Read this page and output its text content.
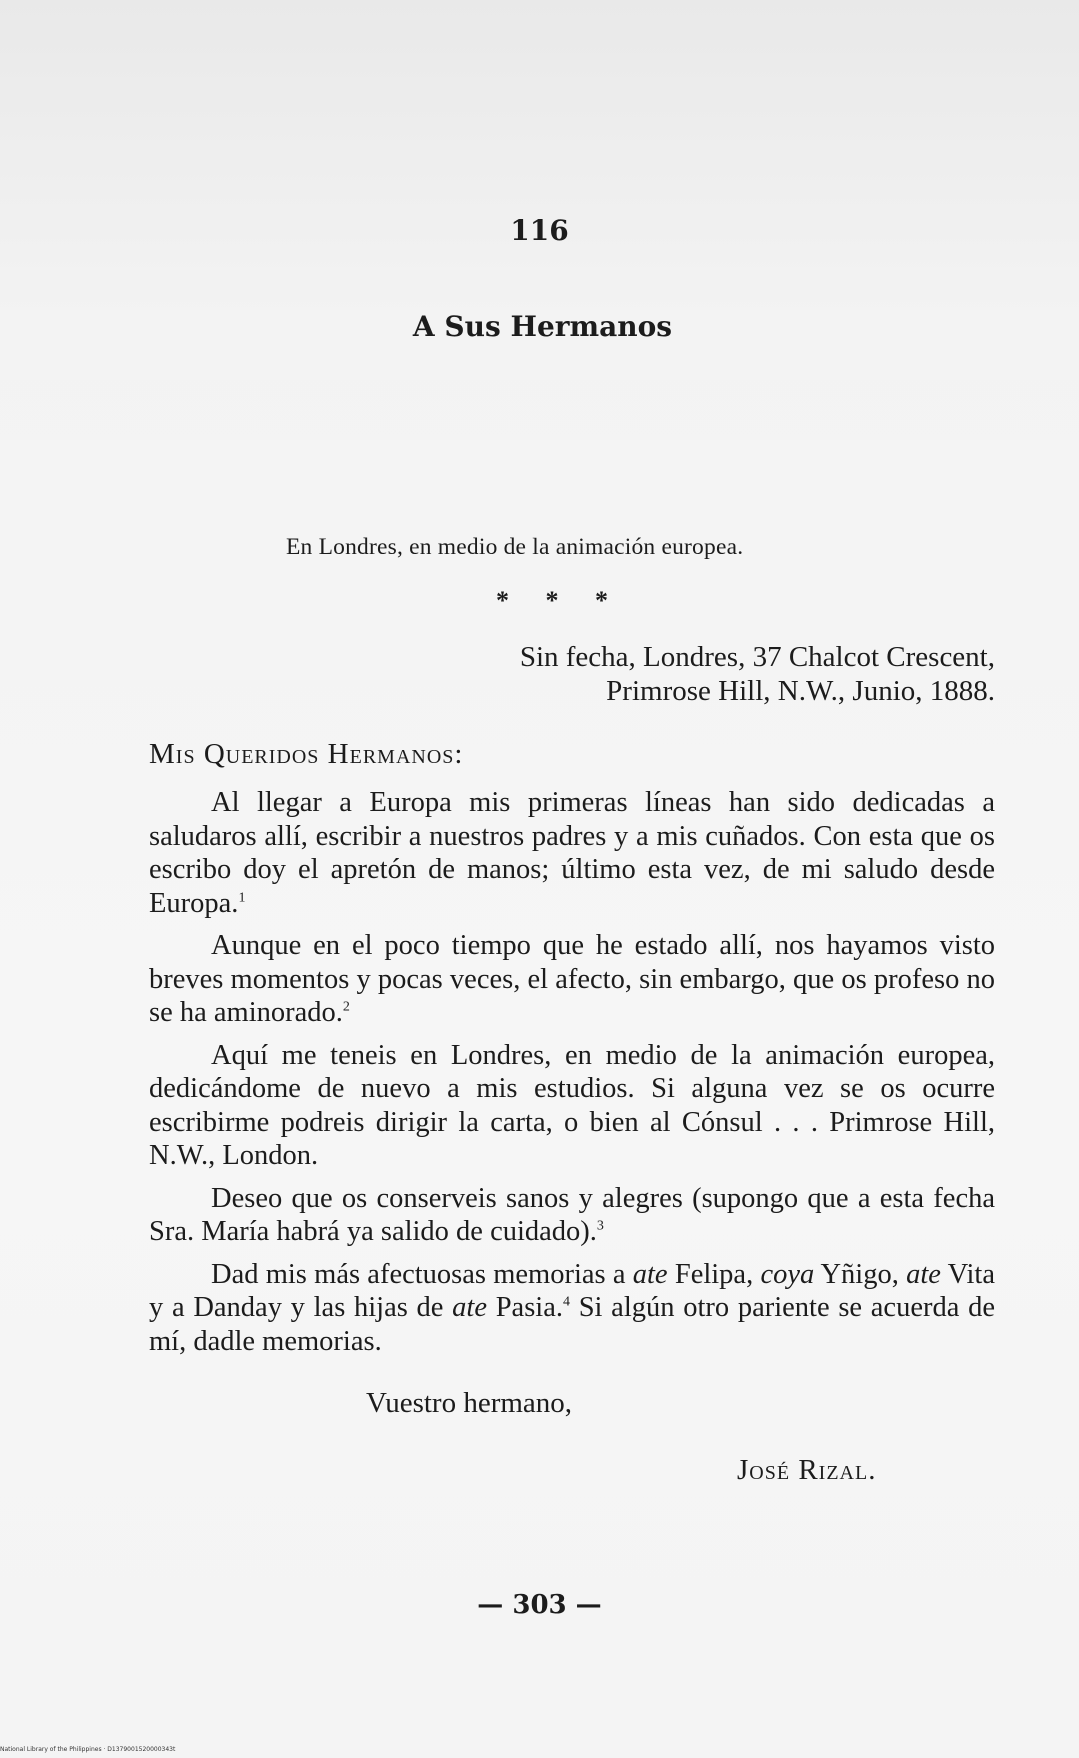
116
A Sus Hermanos
En Londres, en medio de la animación europea.
* * *
Sin fecha, Londres, 37 Chalcot Crescent,
Primrose Hill, N.W., Junio, 1888.
Mis Queridos Hermanos:

Al llegar a Europa mis primeras líneas han sido dedicadas a saludaros allí, escribir a nuestros padres y a mis cuñados. Con esta que os escribo doy el apretón de manos; último esta vez, de mi saludo desde Europa.$^1$

Aunque en el poco tiempo que he estado allí, nos hayamos visto breves momentos y pocas veces, el afecto, sin embargo, que os profeso no se ha aminorado.$^2$

Aquí me teneis en Londres, en medio de la animación europea, dedicándome de nuevo a mis estudios. Si alguna vez se os ocurre escribirme podreis dirigir la carta, o bien al Cónsul . . . Primrose Hill, N.W., London.

Deseo que os conserveis sanos y alegres (supongo que a esta fecha Sra. María habrá ya salido de cuidado).$^3$

Dad mis más afectuosas memorias a ate Felipa, coya Yñigo, ate Vita y a Danday y las hijas de ate Pasia.$^4$ Si algún otro pariente se acuerda de mí, dadle memorias.

Vuestro hermano,
José Rizal.
— 303 —
National Library of the Philippines · D1379001520000343t
